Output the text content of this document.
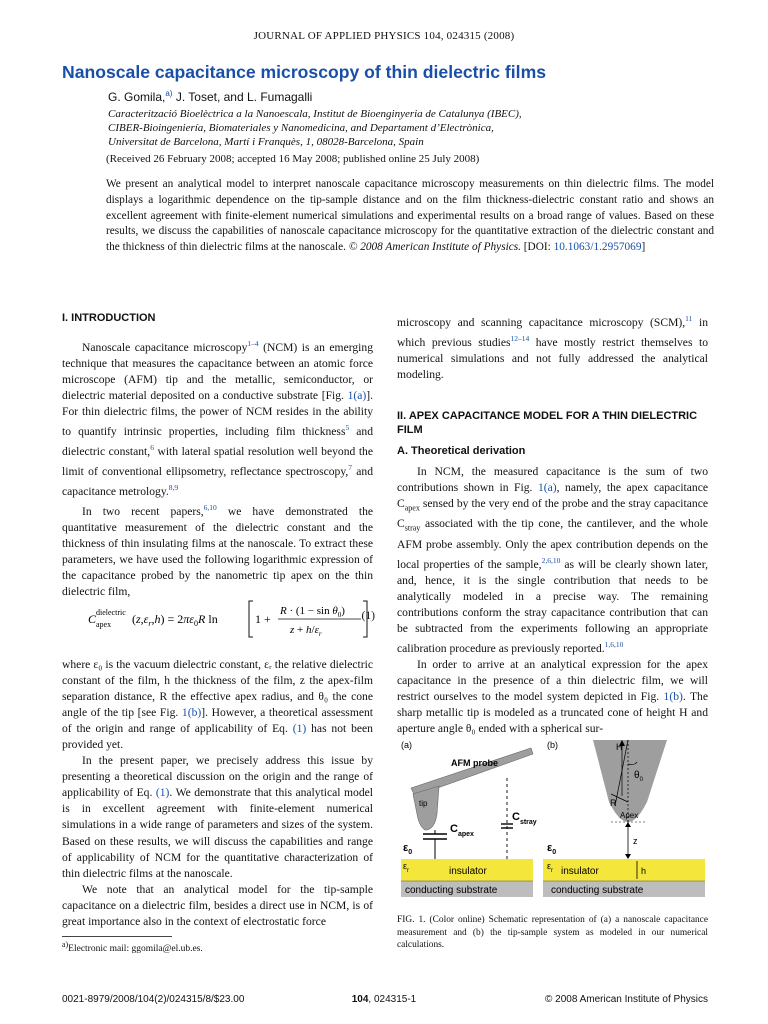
JOURNAL OF APPLIED PHYSICS 104, 024315 (2008)
Nanoscale capacitance microscopy of thin dielectric films
G. Gomila,$^{a)}$ J. Toset, and L. Fumagalli
Caracterització Bioelèctrica a la Nanoescala, Institut de Bioenginyeria de Catalunya (IBEC),
CIBER-Bioingeniería, Biomateriales y Nanomedicina, and Departament d’Electrònica,
Universitat de Barcelona, Martí i Franquès, 1, 08028-Barcelona, Spain
(Received 26 February 2008; accepted 16 May 2008; published online 25 July 2008)
We present an analytical model to interpret nanoscale capacitance microscopy measurements on thin dielectric films. The model displays a logarithmic dependence on the tip-sample distance and on the film thickness-dielectric constant ratio and shows an excellent agreement with finite-element numerical simulations and experimental results on a broad range of values. Based on these results, we discuss the capabilities of nanoscale capacitance microscopy for the quantitative extraction of the dielectric constant and the thickness of thin dielectric films at the nanoscale. © 2008 American Institute of Physics. [DOI: 10.1063/1.2957069]
I. INTRODUCTION

Nanoscale capacitance microscopy$^{1-4}$ (NCM) is an emerging technique that measures the capacitance between an atomic force microscope (AFM) tip and the metallic, semiconductor, or dielectric material deposited on a conductive substrate [Fig. 1(a)]. For thin dielectric films, the power of NCM resides in the ability to quantify intrinsic properties, including film thickness$^5$ and dielectric constant,$^6$ with lateral spatial resolution well beyond the limit of conventional ellipsometry, reflectance spectroscopy,$^7$ and capacitance metrology.$^{8,9}$

In two recent papers,$^{6,10}$ we have demonstrated the quantitative measurement of the dielectric constant and the thickness of thin insulating films at the nanoscale. To extract these parameters, we have used the following logarithmic expression of the capacitance probed by the nanometric tip apex on the thin dielectric film,

C dielectric
apex $(z,\varepsilon_r,h) = 2\pi\varepsilon_0R$ ln	1 +
$R \cdot (1 - \sin \theta_0)$
$z + h/\varepsilon_r$
(1)

where ε₀ is the vacuum dielectric constant, εᵣ the relative dielectric constant of the film, h the thickness of the film, z the apex-film separation distance, R the effective apex radius, and θ₀ the cone angle of the tip [see Fig. 1(b)]. However, a theoretical assessment of the origin and range of applicability of Eq. (1) has not been provided yet.

In the present paper, we precisely address this issue by presenting a theoretical discussion on the origin and the range of applicability of Eq. (1). We demonstrate that this analytical model is in excellent agreement with finite-element numerical simulations in a wide range of parameters and sizes of the system. Based on these results, we will discuss the capabilities and range of applicability of NCM for the quantitative characterization of thin dielectric films at the nanoscale.

We note that an analytical model for the tip-sample capacitance on a dielectric film, besides a direct use in NCM, is of great importance also in the context of electrostatic force

$^{a)}$Electronic mail: ggomila@el.ub.es.

microscopy and scanning capacitance microscopy (SCM),$^{11}$ in which previous studies$^{12-14}$ have mostly restrict themselves to numerical simulations and not fully addressed the analytical modeling.

II. APEX CAPACITANCE MODEL FOR A THIN DIELECTRIC FILM
A. Theoretical derivation

In NCM, the measured capacitance is the sum of two contributions shown in Fig. 1(a), namely, the apex capacitance $C_{apex}$ sensed by the very end of the probe and the stray capacitance $C_{stray}$ associated with the tip cone, the cantilever, and the whole AFM probe assembly. Only the apex contribution depends on the local properties of the sample,$^{2,6,10}$ as will be clearly shown later, and, hence, it is the single contribution that needs to be analytically modeled in a precise way. The remaining contributions conform the stray capacitance contribution that can be subtracted from the experiments following an appropriate calibration procedure as previously reported.$^{1,6,10}$

In order to arrive at an analytical expression for the apex capacitance in the presence of a thin dielectric film, we will restrict ourselves to the model system depicted in Fig. 1(b). The sharp metallic tip is modeled as a truncated cone of height H and aperture angle θ₀ ended with a spherical sur-

(a)
AFM probe
tip
$C_{apex}$
$C_{stray}$
$\varepsilon_0$
$\varepsilon_r$	insulator
conducting substrate
(b)	H
$\theta_0$
R
Apex
z
h
$\varepsilon_0$
$\varepsilon_r$ insulator
conducting substrate
FIG. 1. (Color online) Schematic representation of (a) a nanoscale capacitance measurement and (b) the tip-sample system as modeled in our numerical calculations.
0021-8979/2008/104(2)/024315/8/$23.00	104, 024315-1	© 2008 American Institute of Physics
